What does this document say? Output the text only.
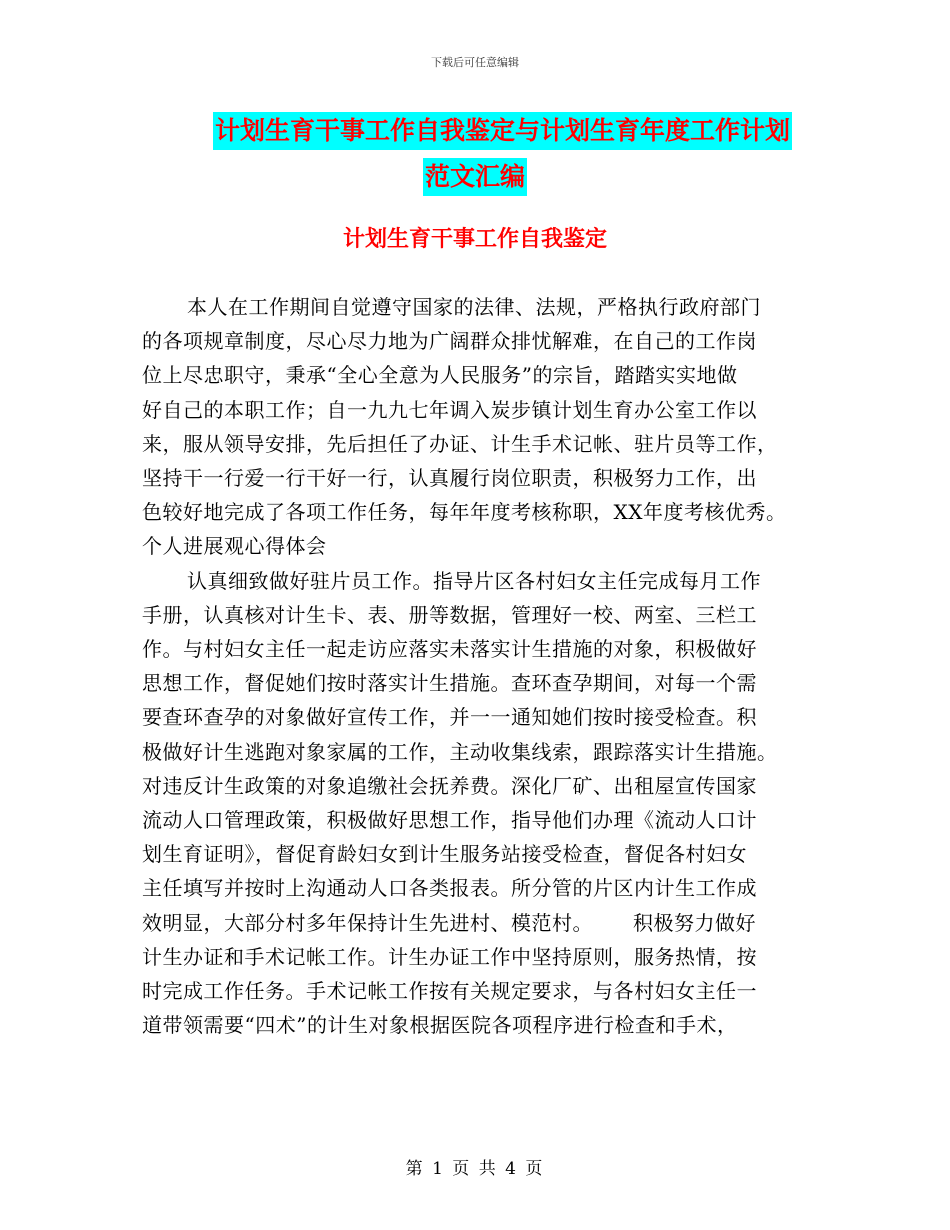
下载后可任意编辑
计划生育干事工作自我鉴定与计划生育年度工作计划
范文汇编
计划生育干事工作自我鉴定
本人在工作期间自觉遵守国家的法律、法规，严格执行政府部门
的各项规章制度，尽心尽力地为广阔群众排忧解难，在自己的工作岗
位上尽忠职守，秉承“全心全意为人民服务”的宗旨，踏踏实实地做
好自己的本职工作；自一九九七年调入炭步镇计划生育办公室工作以
来，服从领导安排，先后担任了办证、计生手术记帐、驻片员等工作，
坚持干一行爱一行干好一行，认真履行岗位职责，积极努力工作，出
色较好地完成了各项工作任务，每年年度考核称职，XX年度考核优秀。
个人进展观心得体会
认真细致做好驻片员工作。指导片区各村妇女主任完成每月工作
手册，认真核对计生卡、表、册等数据，管理好一校、两室、三栏工
作。与村妇女主任一起走访应落实未落实计生措施的对象，积极做好
思想工作，督促她们按时落实计生措施。查环查孕期间，对每一个需
要查环查孕的对象做好宣传工作，并一一通知她们按时接受检查。积
极做好计生逃跑对象家属的工作，主动收集线索，跟踪落实计生措施。
对违反计生政策的对象追缴社会抚养费。深化厂矿、出租屋宣传国家
流动人口管理政策，积极做好思想工作，指导他们办理《流动人口计
划生育证明》，督促育龄妇女到计生服务站接受检查，督促各村妇女
主任填写并按时上沟通动人口各类报表。所分管的片区内计生工作成
效明显，大部分村多年保持计生先进村、模范村。 积极努力做好
计生办证和手术记帐工作。计生办证工作中坚持原则，服务热情，按
时完成工作任务。手术记帐工作按有关规定要求，与各村妇女主任一
道带领需要“四术”的计生对象根据医院各项程序进行检查和手术，
第 1 页 共 4 页
